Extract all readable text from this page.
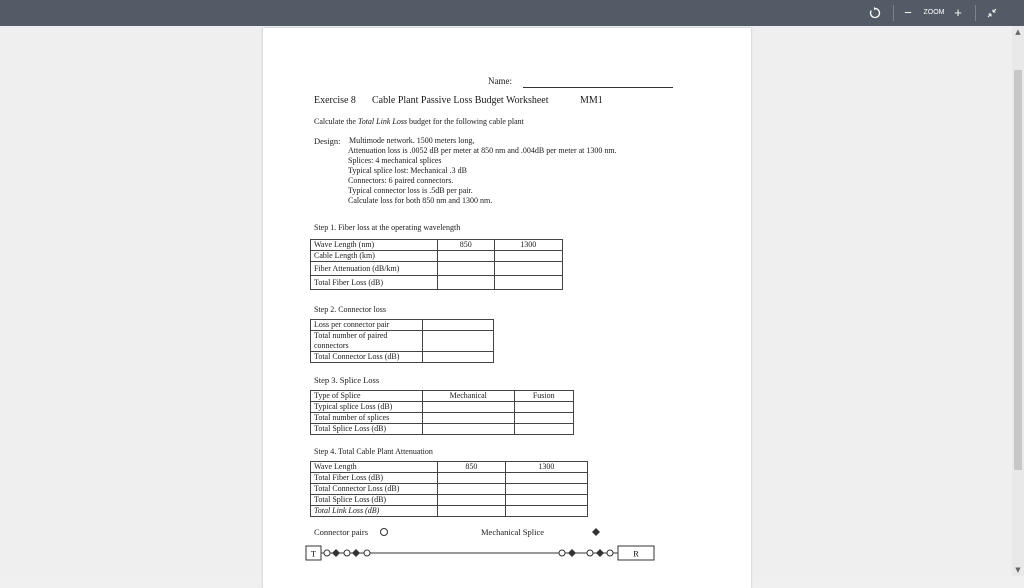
−	ZOOM +
▲
▼
Name:
Exercise 8 Cable Plant Passive Loss Budget Worksheet	MM1
Calculate the Total Link Loss budget for the following cable plant
Design: Multimode network. 1500 meters long,
Attenuation loss is .0052 dB per meter at 850 nm and .004dB per meter at 1300 nm.
Splices: 4 mechanical splices
Typical splice lost: Mechanical .3 dB
Connectors: 6 paired connectors.
Typical connector loss is .5dB per pair.
Calculate loss for both 850 nm and 1300 nm.
Step 1. Fiber loss at the operating wavelength
Wave Length (nm)	850	1300
Cable Length (km)		
Fiber Attenuation (dB/km)		
Total Fiber Loss (dB)		
Step 2. Connector loss
Loss per connector pair	
Total number of paired
connectors	
Total Connector Loss (dB)	
Step 3. Splice Loss
Type of Splice	Mechanical	Fusion
Typical splice Loss (dB)		
Total number of splices		
Total Splice Loss (dB)		
Step 4. Total Cable Plant Attenuation
Wave Length	850	1300
Total Fiber Loss (dB)		
Total Connector Loss (dB)		
Total Splice Loss (dB)		
Total Link Loss (dB)		
Connector pairs	Mechanical Splice
T	R
